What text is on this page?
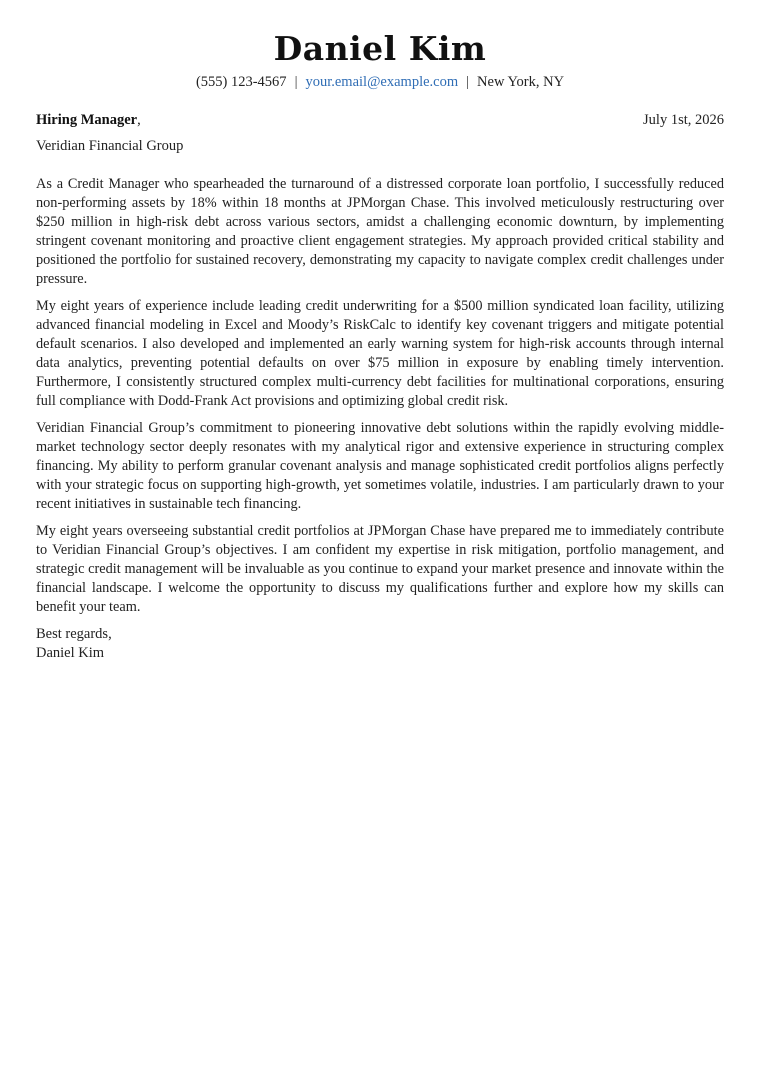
Daniel Kim
(555) 123-4567 | your.email@example.com | New York, NY
Hiring Manager,	July 1st, 2026
Veridian Financial Group

As a Credit Manager who spearheaded the turnaround of a distressed corporate loan portfolio, I successfully reduced non-performing assets by 18% within 18 months at JPMorgan Chase. This involved meticulously restructuring over $250 million in high-risk debt across various sectors, amidst a challenging economic downturn, by implementing stringent covenant monitoring and proactive client engagement strategies. My approach provided critical stability and positioned the portfolio for sustained recovery, demonstrating my capacity to navigate complex credit challenges under pressure.

My eight years of experience include leading credit underwriting for a $500 million syndicated loan facility, utilizing advanced financial modeling in Excel and Moody’s RiskCalc to identify key covenant triggers and mitigate potential default scenarios. I also developed and implemented an early warning system for high-risk accounts through internal data analytics, preventing potential defaults on over $75 million in exposure by enabling timely intervention. Furthermore, I consistently structured complex multi-currency debt facilities for multinational corporations, ensuring full compliance with Dodd-Frank Act provisions and optimizing global credit risk.

Veridian Financial Group’s commitment to pioneering innovative debt solutions within the rapidly evolving middle-market technology sector deeply resonates with my analytical rigor and extensive experience in structuring complex financing. My ability to perform granular covenant analysis and manage sophisticated credit portfolios aligns perfectly with your strategic focus on supporting high-growth, yet sometimes volatile, industries. I am particularly drawn to your recent initiatives in sustainable tech financing.

My eight years overseeing substantial credit portfolios at JPMorgan Chase have prepared me to immediately contribute to Veridian Financial Group’s objectives. I am confident my expertise in risk mitigation, portfolio management, and strategic credit management will be invaluable as you continue to expand your market presence and innovate within the financial landscape. I welcome the opportunity to discuss my qualifications further and explore how my skills can benefit your team.

Best regards,
Daniel Kim
